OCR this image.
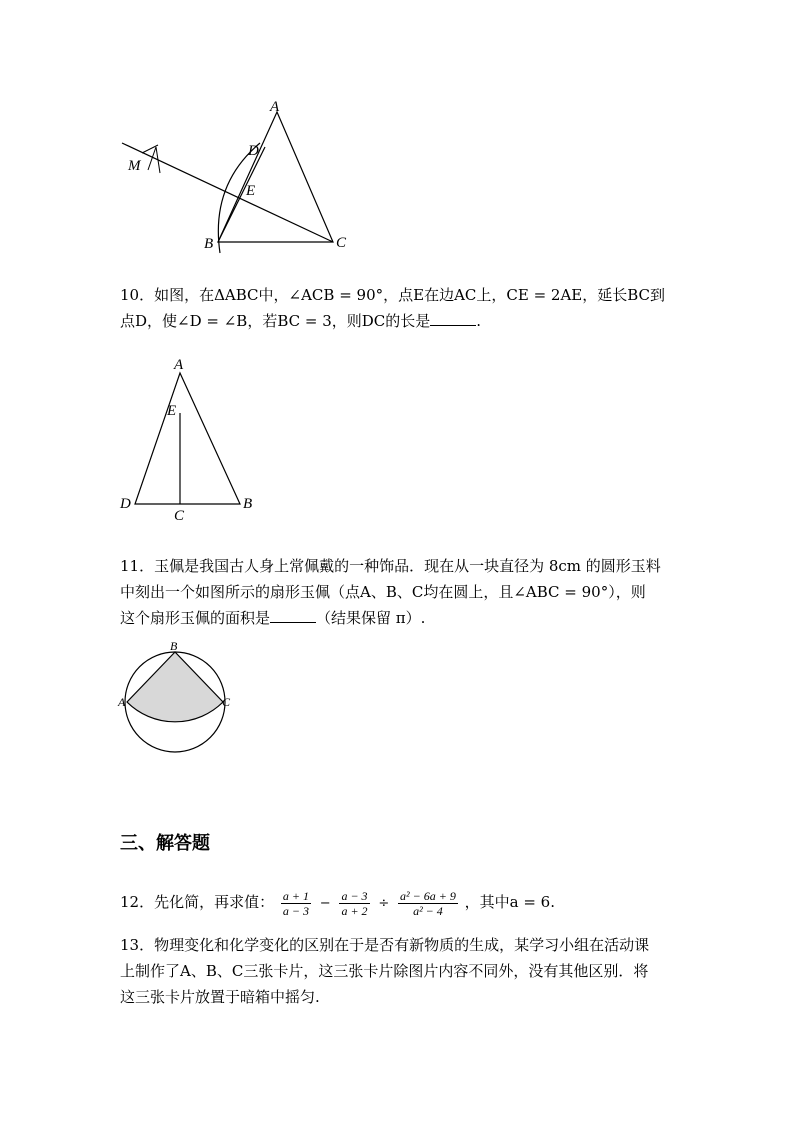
A
D
M
E
B	C
10．如图，在ΔABC中，∠ACB = 90°，点E在边AC上，CE = 2AE，延长BC到
点D，使∠D = ∠B，若BC = 3，则DC的长是	.
A
E
D
C
B
11．玉佩是我国古人身上常佩戴的一种饰品．现在从一块直径为 8cm 的圆形玉料
中刻出一个如图所示的扇形玉佩（点A、B、C均在圆上，且∠ABC = 90°），则
这个扇形玉佩的面积是	（结果保留 π）.
B
A	C
三、解答题
12．先化简，再求值： $\frac{a + 1}{a - 3} - \frac{a - 3}{a + 2} \div \frac{\text{a² − 6a + 9}}{\text{a² − 4}}$ ，其中a = 6.
13．物理变化和化学变化的区别在于是否有新物质的生成，某学习小组在活动课
上制作了A、B、C三张卡片，这三张卡片除图片内容不同外，没有其他区别．将
这三张卡片放置于暗箱中摇匀.
